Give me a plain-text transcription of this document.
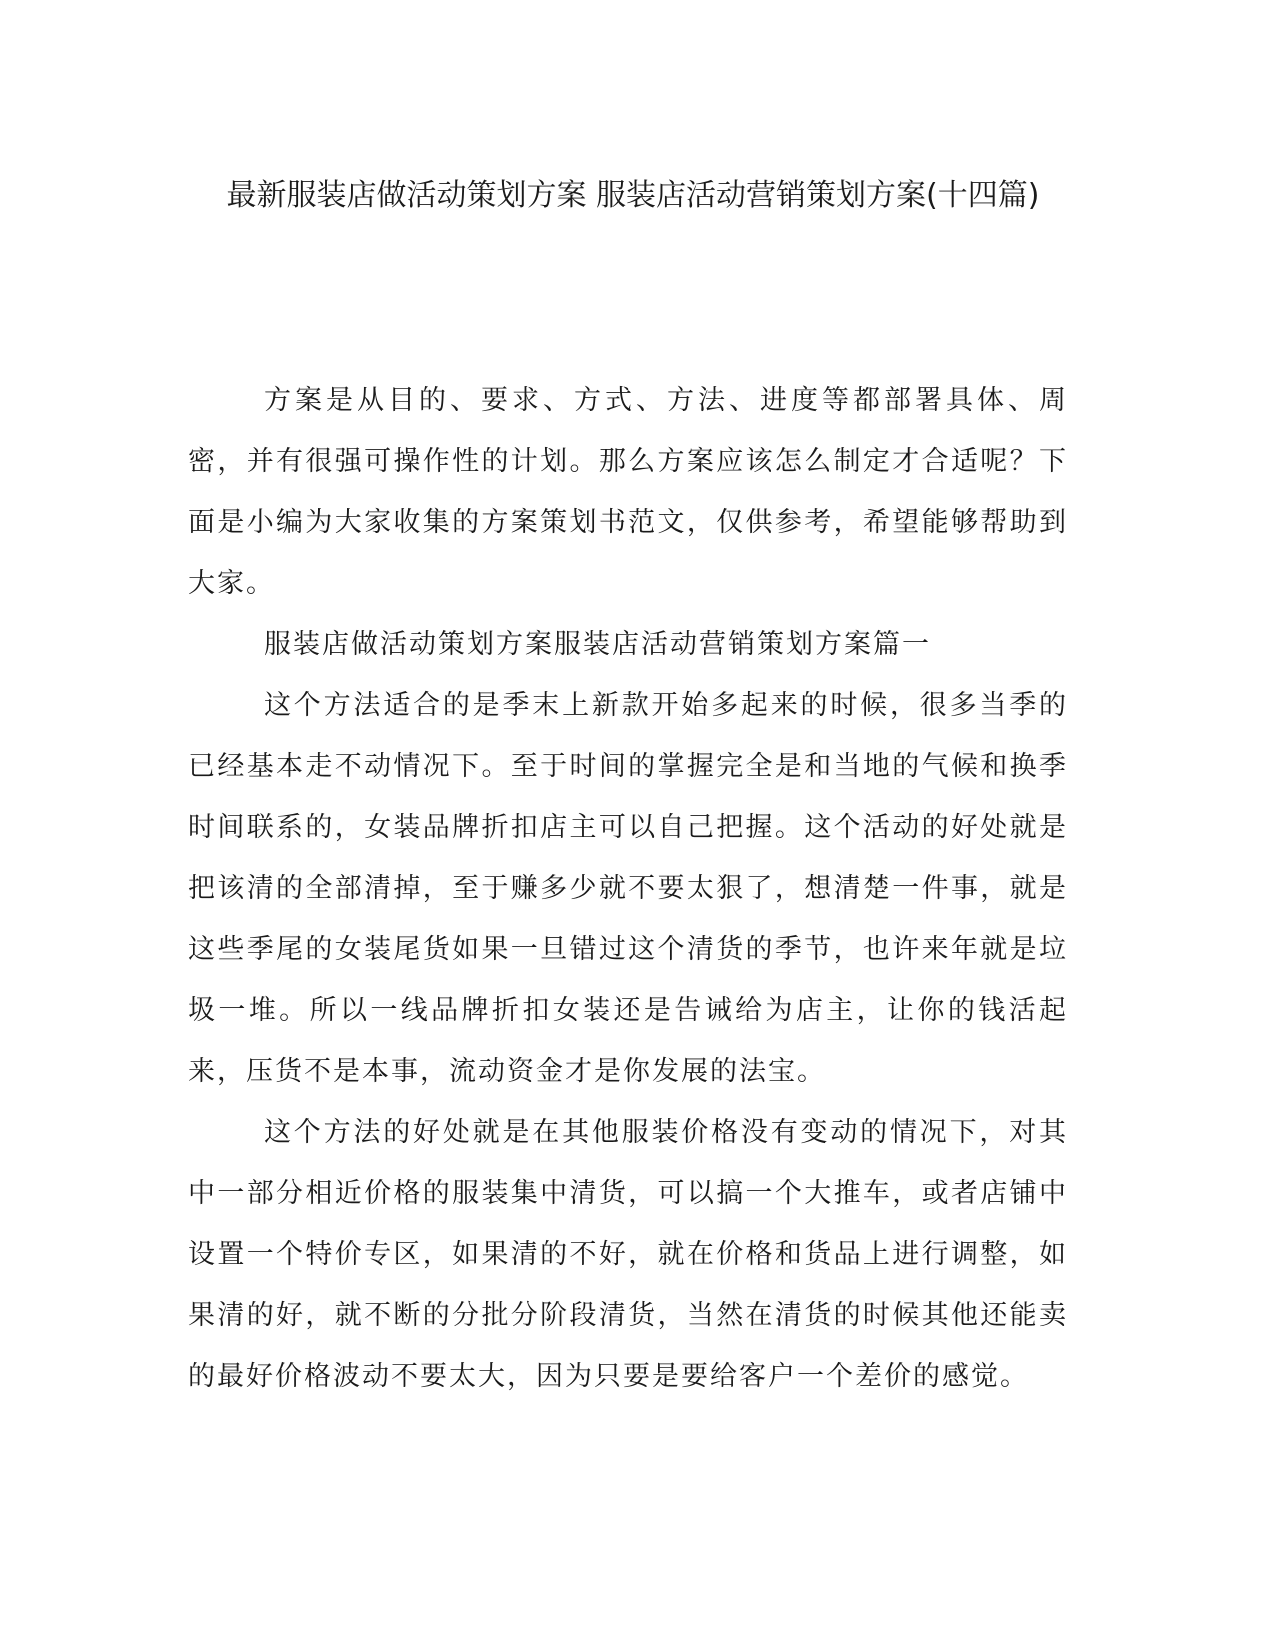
最新服装店做活动策划方案 服装店活动营销策划方案(十四篇)

方案是从目的、要求、方式、方法、进度等都部署具体、周密，并有很强可操作性的计划。那么方案应该怎么制定才合适呢？下面是小编为大家收集的方案策划书范文，仅供参考，希望能够帮助到大家。

服装店做活动策划方案服装店活动营销策划方案篇一

这个方法适合的是季末上新款开始多起来的时候，很多当季的已经基本走不动情况下。至于时间的掌握完全是和当地的气候和换季时间联系的，女装品牌折扣店主可以自己把握。这个活动的好处就是把该清的全部清掉，至于赚多少就不要太狠了，想清楚一件事，就是这些季尾的女装尾货如果一旦错过这个清货的季节，也许来年就是垃圾一堆。所以一线品牌折扣女装还是告诫给为店主，让你的钱活起来，压货不是本事，流动资金才是你发展的法宝。

这个方法的好处就是在其他服装价格没有变动的情况下，对其中一部分相近价格的服装集中清货，可以搞一个大推车，或者店铺中设置一个特价专区，如果清的不好，就在价格和货品上进行调整，如果清的好，就不断的分批分阶段清货，当然在清货的时候其他还能卖的最好价格波动不要太大，因为只要是要给客户一个差价的感觉。
